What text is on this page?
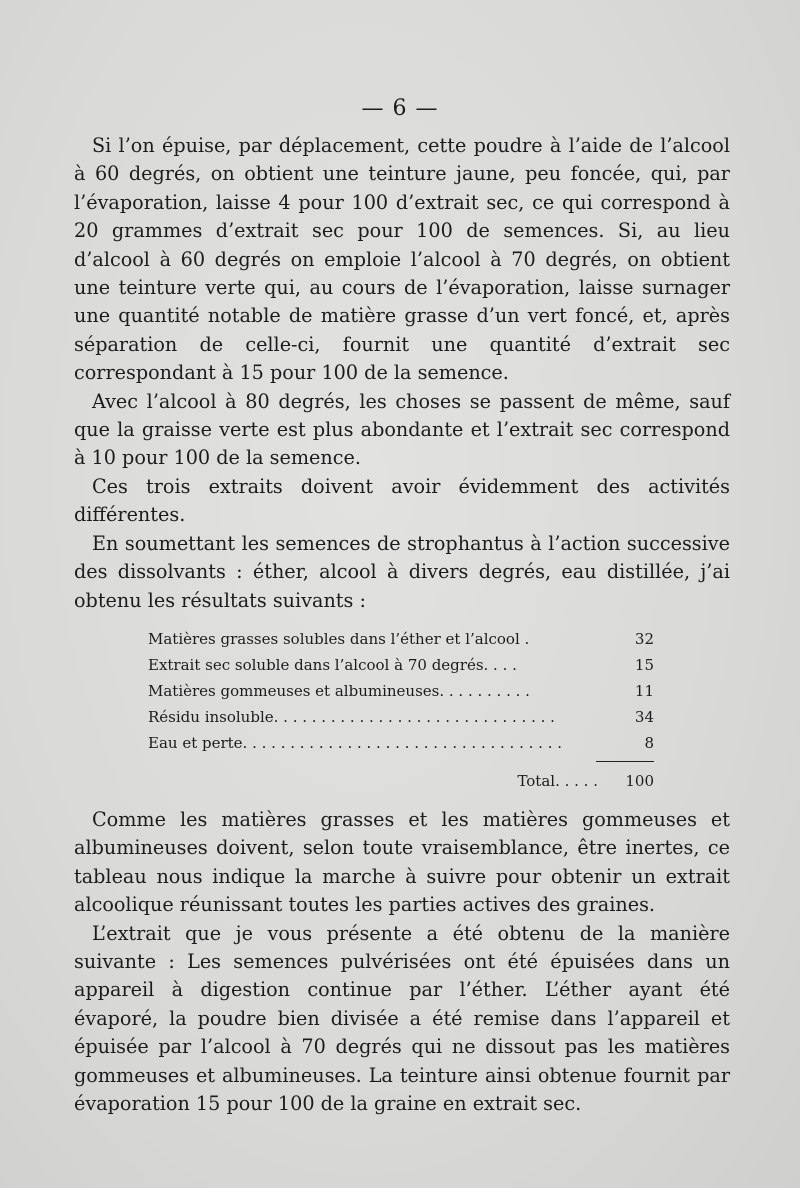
— 6 —

Si l’on épuise, par déplacement, cette poudre à l’aide de l’alcool à 60 degrés, on obtient une teinture jaune, peu foncée, qui, par l’évaporation, laisse 4 pour 100 d’extrait sec, ce qui correspond à 20 grammes d’extrait sec pour 100 de semences. Si, au lieu d’alcool à 60 degrés on emploie l’alcool à 70 degrés, on obtient une teinture verte qui, au cours de l’évaporation, laisse surnager une quantité notable de matière grasse d’un vert foncé, et, après séparation de celle-ci, fournit une quantité d’extrait sec correspondant à 15 pour 100 de la semence.

Avec l’alcool à 80 degrés, les choses se passent de même, sauf que la graisse verte est plus abondante et l’extrait sec correspond à 10 pour 100 de la semence.

Ces trois extraits doivent avoir évidemment des activités différentes.

En soumettant les semences de strophantus à l’action successive des dissolvants : éther, alcool à divers degrés, eau distillée, j’ai obtenu les résultats suivants :

Matières grasses solubles dans l’éther et l’alcool .	32
Extrait sec soluble dans l’alcool à 70 degrés. . . .	15
Matières gommeuses et albumineuses. . . . . . . . . .	11
Résidu insoluble. . . . . . . . . . . . . . . . . . . . . . . . . . . . . .	34
Eau et perte. . . . . . . . . . . . . . . . . . . . . . . . . . . . . . . . . .	8
Total. . . . .	100

Comme les matières grasses et les matières gommeuses et albumineuses doivent, selon toute vraisemblance, être inertes, ce tableau nous indique la marche à suivre pour obtenir un extrait alcoolique réunissant toutes les parties actives des graines.

L’extrait que je vous présente a été obtenu de la manière suivante : Les semences pulvérisées ont été épuisées dans un appareil à digestion continue par l’éther. L’éther ayant été évaporé, la poudre bien divisée a été remise dans l’appareil et épuisée par l’alcool à 70 degrés qui ne dissout pas les matières gommeuses et albumineuses. La teinture ainsi obtenue fournit par évaporation 15 pour 100 de la graine en extrait sec.
